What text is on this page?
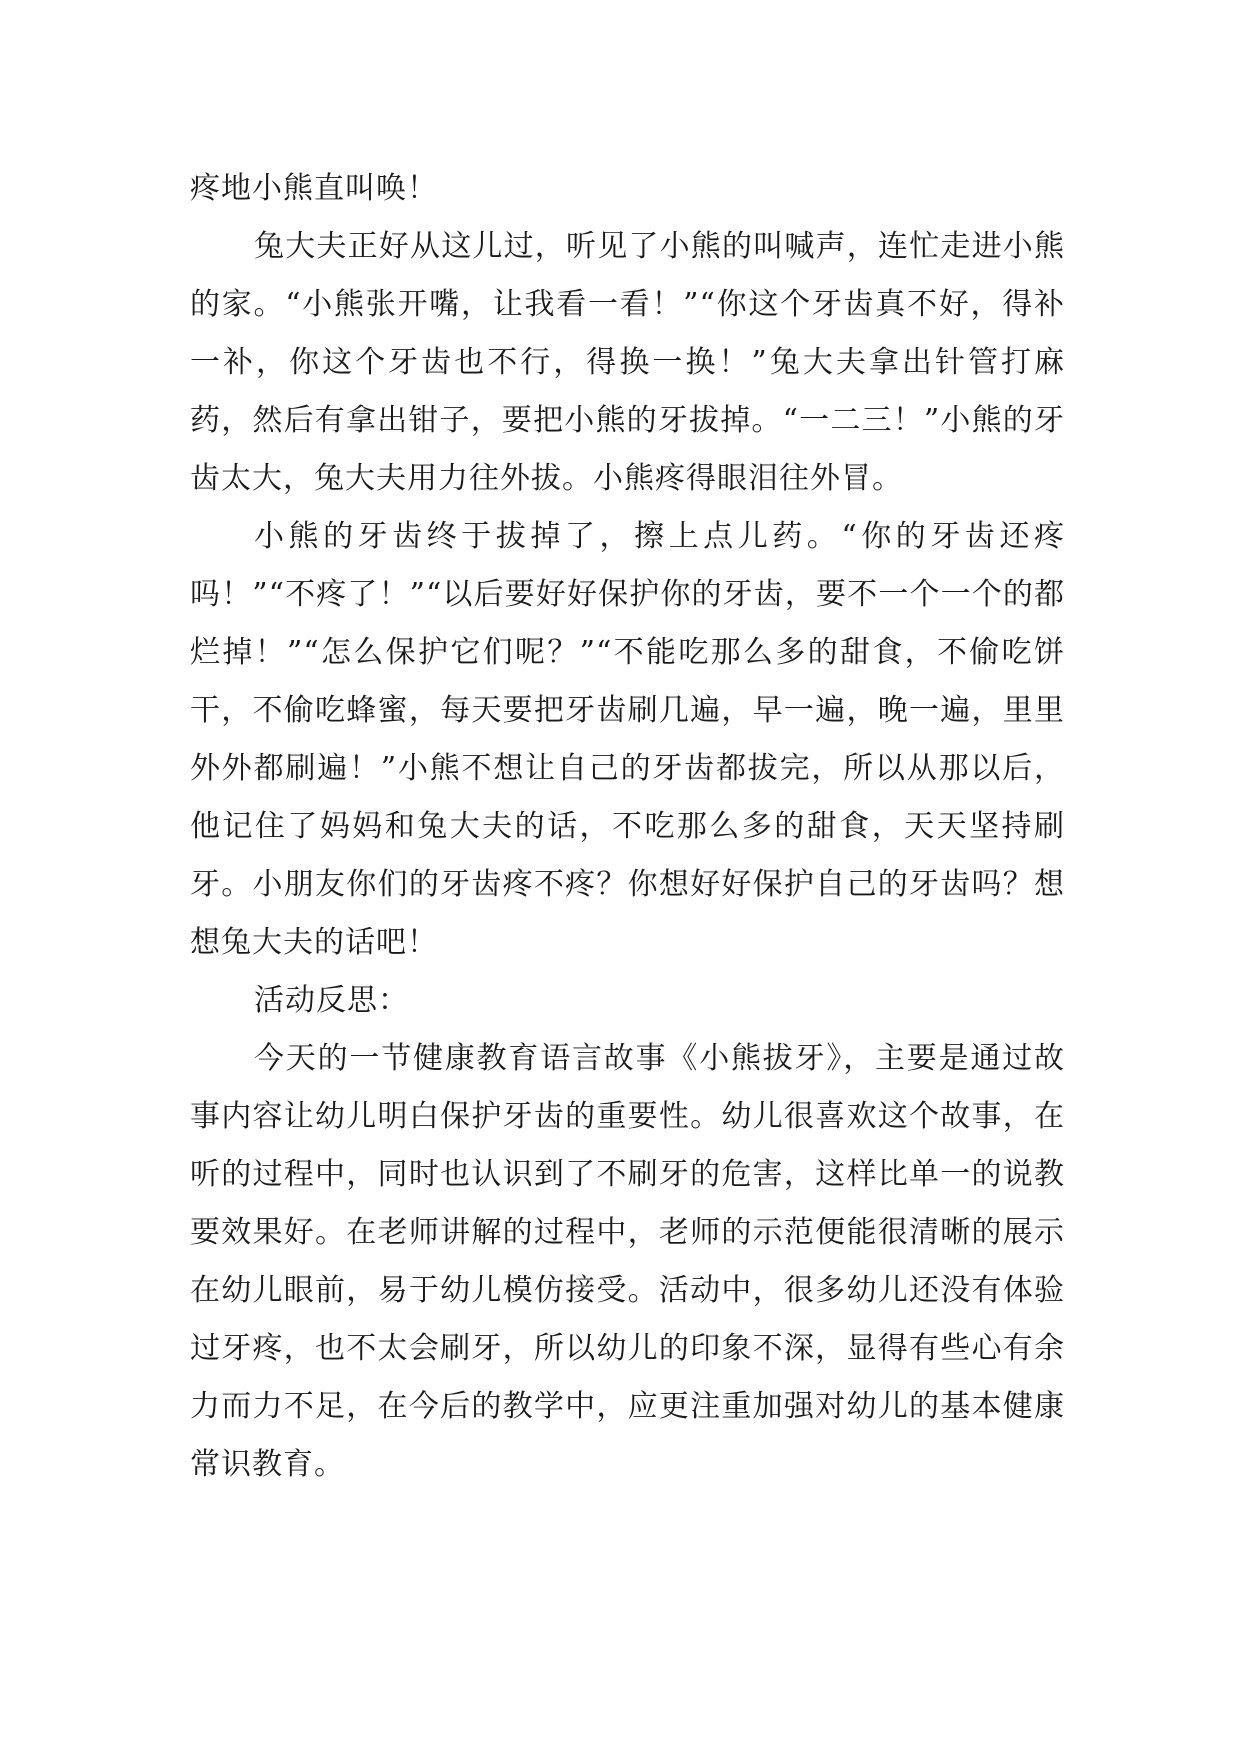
疼地小熊直叫唤！

兔大夫正好从这儿过，听见了小熊的叫喊声，连忙走进小熊的家。“小熊张开嘴，让我看一看！”“你这个牙齿真不好，得补一补，你这个牙齿也不行，得换一换！”兔大夫拿出针管打麻药，然后有拿出钳子，要把小熊的牙拔掉。“一二三！”小熊的牙齿太大，兔大夫用力往外拔。小熊疼得眼泪往外冒。

小熊的牙齿终于拔掉了，擦上点儿药。“你的牙齿还疼吗！”“不疼了！”“以后要好好保护你的牙齿，要不一个一个的都烂掉！”“怎么保护它们呢？”“不能吃那么多的甜食，不偷吃饼干，不偷吃蜂蜜，每天要把牙齿刷几遍，早一遍，晚一遍，里里外外都刷遍！”小熊不想让自己的牙齿都拔完，所以从那以后，他记住了妈妈和兔大夫的话，不吃那么多的甜食，天天坚持刷牙。小朋友你们的牙齿疼不疼？你想好好保护自己的牙齿吗？想想兔大夫的话吧！

活动反思：

今天的一节健康教育语言故事《小熊拔牙》，主要是通过故事内容让幼儿明白保护牙齿的重要性。幼儿很喜欢这个故事，在听的过程中，同时也认识到了不刷牙的危害，这样比单一的说教要效果好。在老师讲解的过程中，老师的示范便能很清晰的展示在幼儿眼前，易于幼儿模仿接受。活动中，很多幼儿还没有体验过牙疼，也不太会刷牙，所以幼儿的印象不深，显得有些心有余力而力不足，在今后的教学中，应更注重加强对幼儿的基本健康常识教育。
